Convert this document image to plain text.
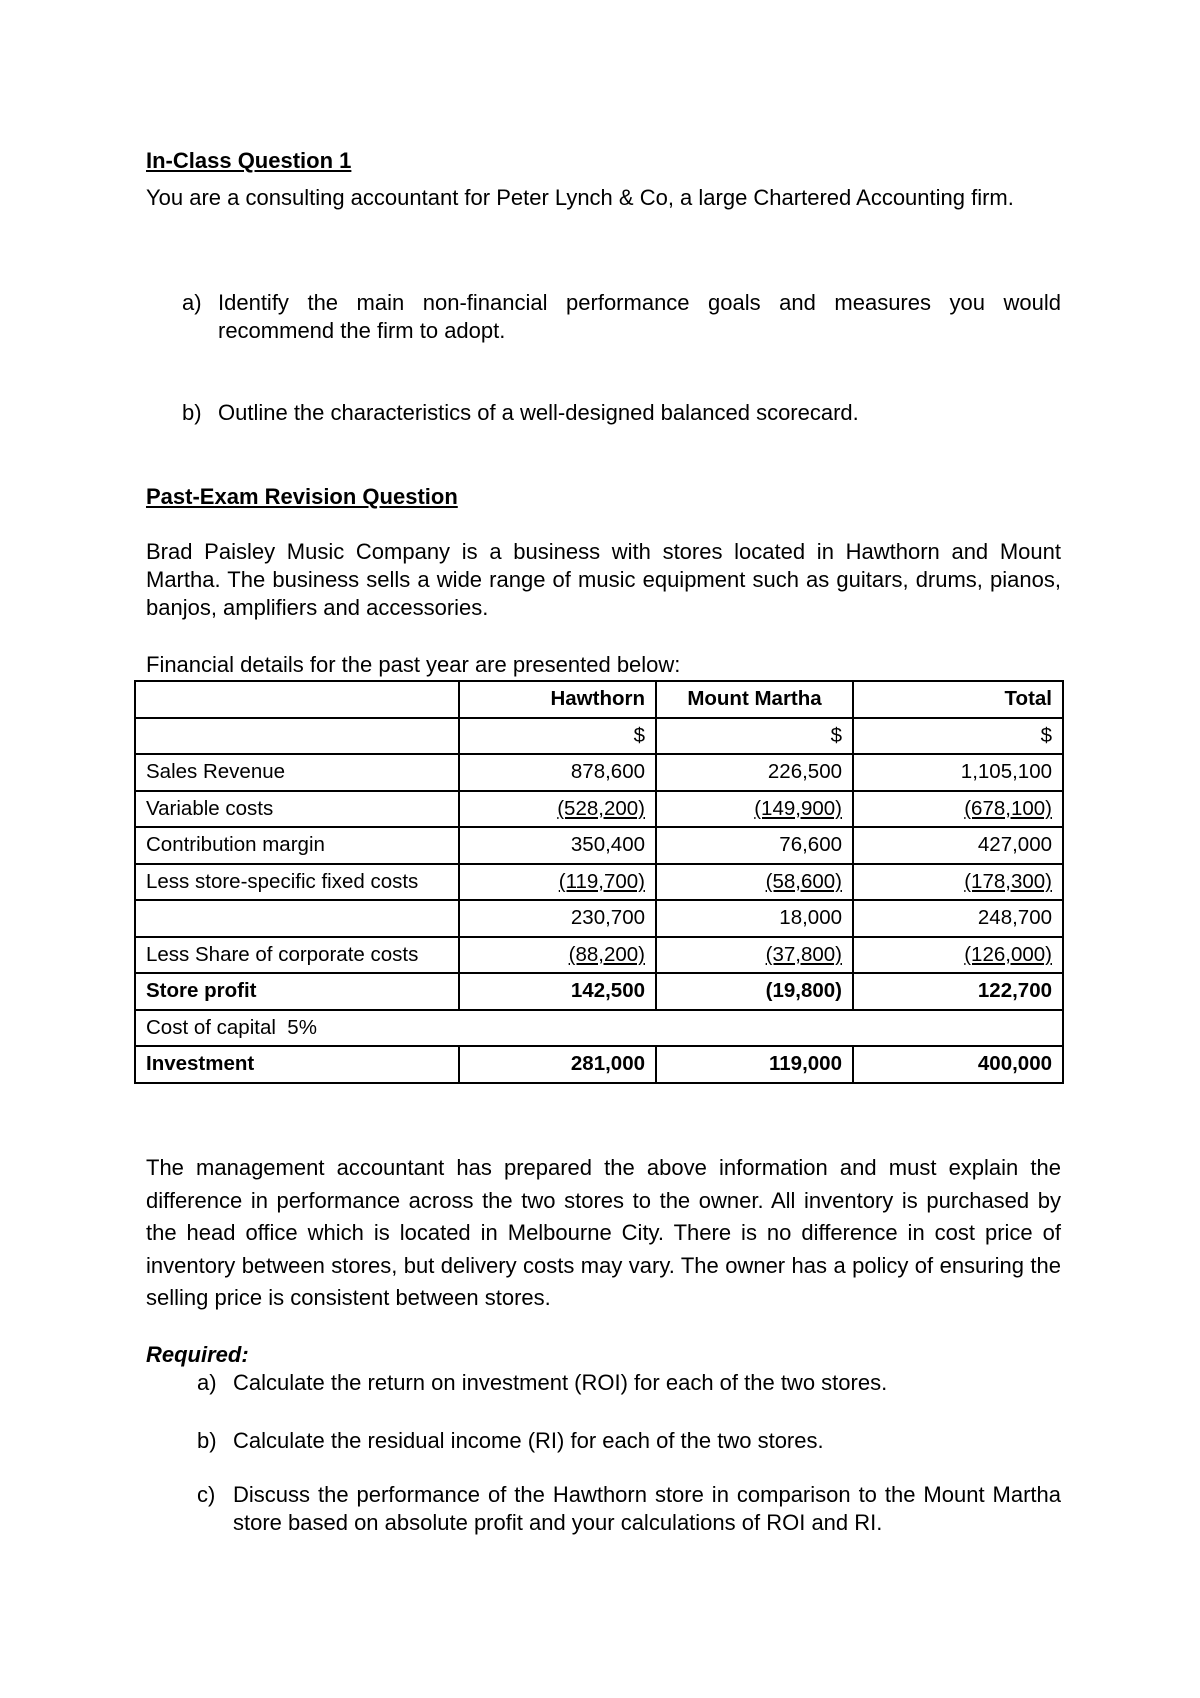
In-Class Question 1
You are a consulting accountant for Peter Lynch & Co, a large Chartered Accounting firm.
a) Identify the main non-financial performance goals and measures you would recommend the firm to adopt.
b) Outline the characteristics of a well-designed balanced scorecard.
Past-Exam Revision Question
Brad Paisley Music Company is a business with stores located in Hawthorn and Mount Martha. The business sells a wide range of music equipment such as guitars, drums, pianos, banjos, amplifiers and accessories.
Financial details for the past year are presented below:
	Hawthorn	Mount Martha	Total
	$	$	$
Sales Revenue	878,600	226,500	1,105,100
Variable costs	(528,200)	(149,900)	(678,100)
Contribution margin	350,400	76,600	427,000
Less store-specific fixed costs	(119,700)	(58,600)	(178,300)
	230,700	18,000	248,700
Less Share of corporate costs	(88,200)	(37,800)	(126,000)
Store profit	142,500	(19,800)	122,700
Cost of capital  5%			
Investment	281,000	119,000	400,000
The management accountant has prepared the above information and must explain the difference in performance across the two stores to the owner. All inventory is purchased by the head office which is located in Melbourne City. There is no difference in cost price of inventory between stores, but delivery costs may vary. The owner has a policy of ensuring the selling price is consistent between stores.
Required:
a) Calculate the return on investment (ROI) for each of the two stores.
b) Calculate the residual income (RI) for each of the two stores.
c) Discuss the performance of the Hawthorn store in comparison to the Mount Martha store based on absolute profit and your calculations of ROI and RI.
